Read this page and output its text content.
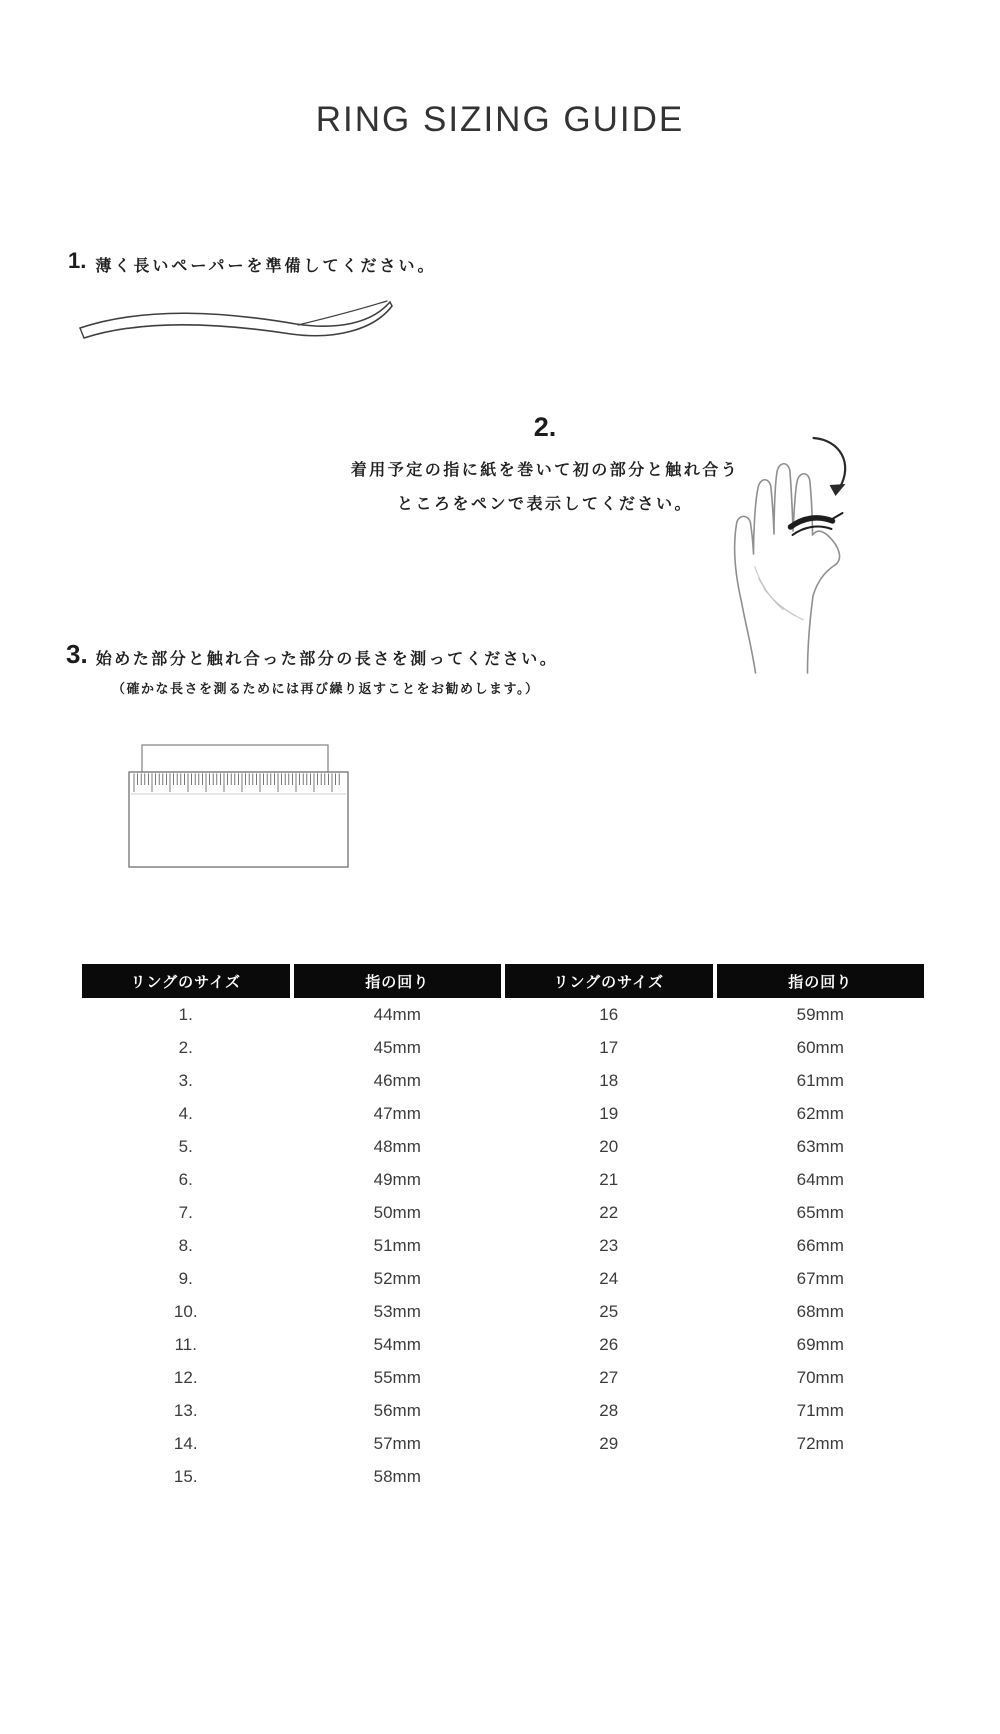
RING SIZING GUIDE
1. 薄く長いペーパーを準備してください。
2.
着用予定の指に紙を巻いて初の部分と触れ合う
ところをペンで表示してください。
3. 始めた部分と触れ合った部分の長さを測ってください。
（確かな長さを測るためには再び繰り返すことをお勧めします。）
リングのサイズ	指の回り	リングのサイズ	指の回り
1.	44mm	16	59mm
2.	45mm	17	60mm
3.	46mm	18	61mm
4.	47mm	19	62mm
5.	48mm	20	63mm
6.	49mm	21	64mm
7.	50mm	22	65mm
8.	51mm	23	66mm
9.	52mm	24	67mm
10.	53mm	25	68mm
11.	54mm	26	69mm
12.	55mm	27	70mm
13.	56mm	28	71mm
14.	57mm	29	72mm
15.	58mm		
